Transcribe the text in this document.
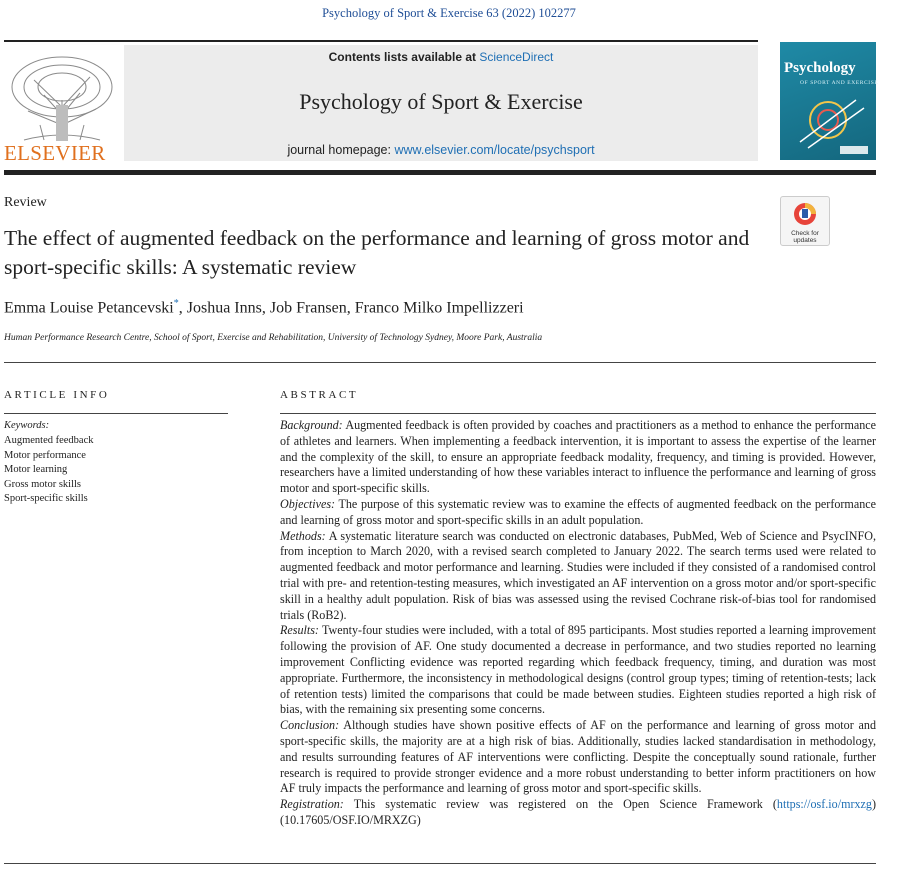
Psychology of Sport & Exercise 63 (2022) 102277
ELSEVIER
Contents lists available at ScienceDirect
Psychology of Sport & Exercise
journal homepage: www.elsevier.com/locate/psychsport
Psychology
OF SPORT AND EXERCISE
Review
The effect of augmented feedback on the performance and learning of gross motor and sport-specific skills: A systematic review
Check for
updates
Emma Louise Petancevski*, Joshua Inns, Job Fransen, Franco Milko Impellizzeri
Human Performance Research Centre, School of Sport, Exercise and Rehabilitation, University of Technology Sydney, Moore Park, Australia
ARTICLE INFO
Keywords:
Augmented feedback
Motor performance
Motor learning
Gross motor skills
Sport-specific skills
ABSTRACT

Background: Augmented feedback is often provided by coaches and practitioners as a method to enhance the performance of athletes and learners. When implementing a feedback intervention, it is important to assess the expertise of the learner and the complexity of the skill, to ensure an appropriate feedback modality, frequency, and timing is provided. However, researchers have a limited understanding of how these variables interact to influence the performance and learning of gross motor and sport-specific skills.

Objectives: The purpose of this systematic review was to examine the effects of augmented feedback on the performance and learning of gross motor and sport-specific skills in an adult population.

Methods: A systematic literature search was conducted on electronic databases, PubMed, Web of Science and PsycINFO, from inception to March 2020, with a revised search completed to January 2022. The search terms used were related to augmented feedback and motor performance and learning. Studies were included if they consisted of a randomised control trial with pre- and retention-testing measures, which investigated an AF intervention on a gross motor and/or sport-specific skill in a healthy adult population. Risk of bias was assessed using the revised Cochrane risk-of-bias tool for randomised trials (RoB2).

Results: Twenty-four studies were included, with a total of 895 participants. Most studies reported a learning improvement following the provision of AF. One study documented a decrease in performance, and two studies reported no learning improvement Conflicting evidence was reported regarding which feedback frequency, timing, and duration was most appropriate. Furthermore, the inconsistency in methodological designs (control group types; timing of retention-tests; lack of retention tests) limited the comparisons that could be made between studies. Eighteen studies reported a high risk of bias, with the remaining six presenting some concerns.

Conclusion: Although studies have shown positive effects of AF on the performance and learning of gross motor and sport-specific skills, the majority are at a high risk of bias. Additionally, studies lacked standardisation in methodology, and results surrounding features of AF interventions were conflicting. Despite the conceptually sound rationale, further research is required to provide stronger evidence and a more robust understanding to better inform practitioners on how AF truly impacts the performance and learning of gross motor and sport-specific skills.

Registration: This systematic review was registered on the Open Science Framework (https://osf.io/mrxzg) (10.17605/OSF.IO/MRXZG)
